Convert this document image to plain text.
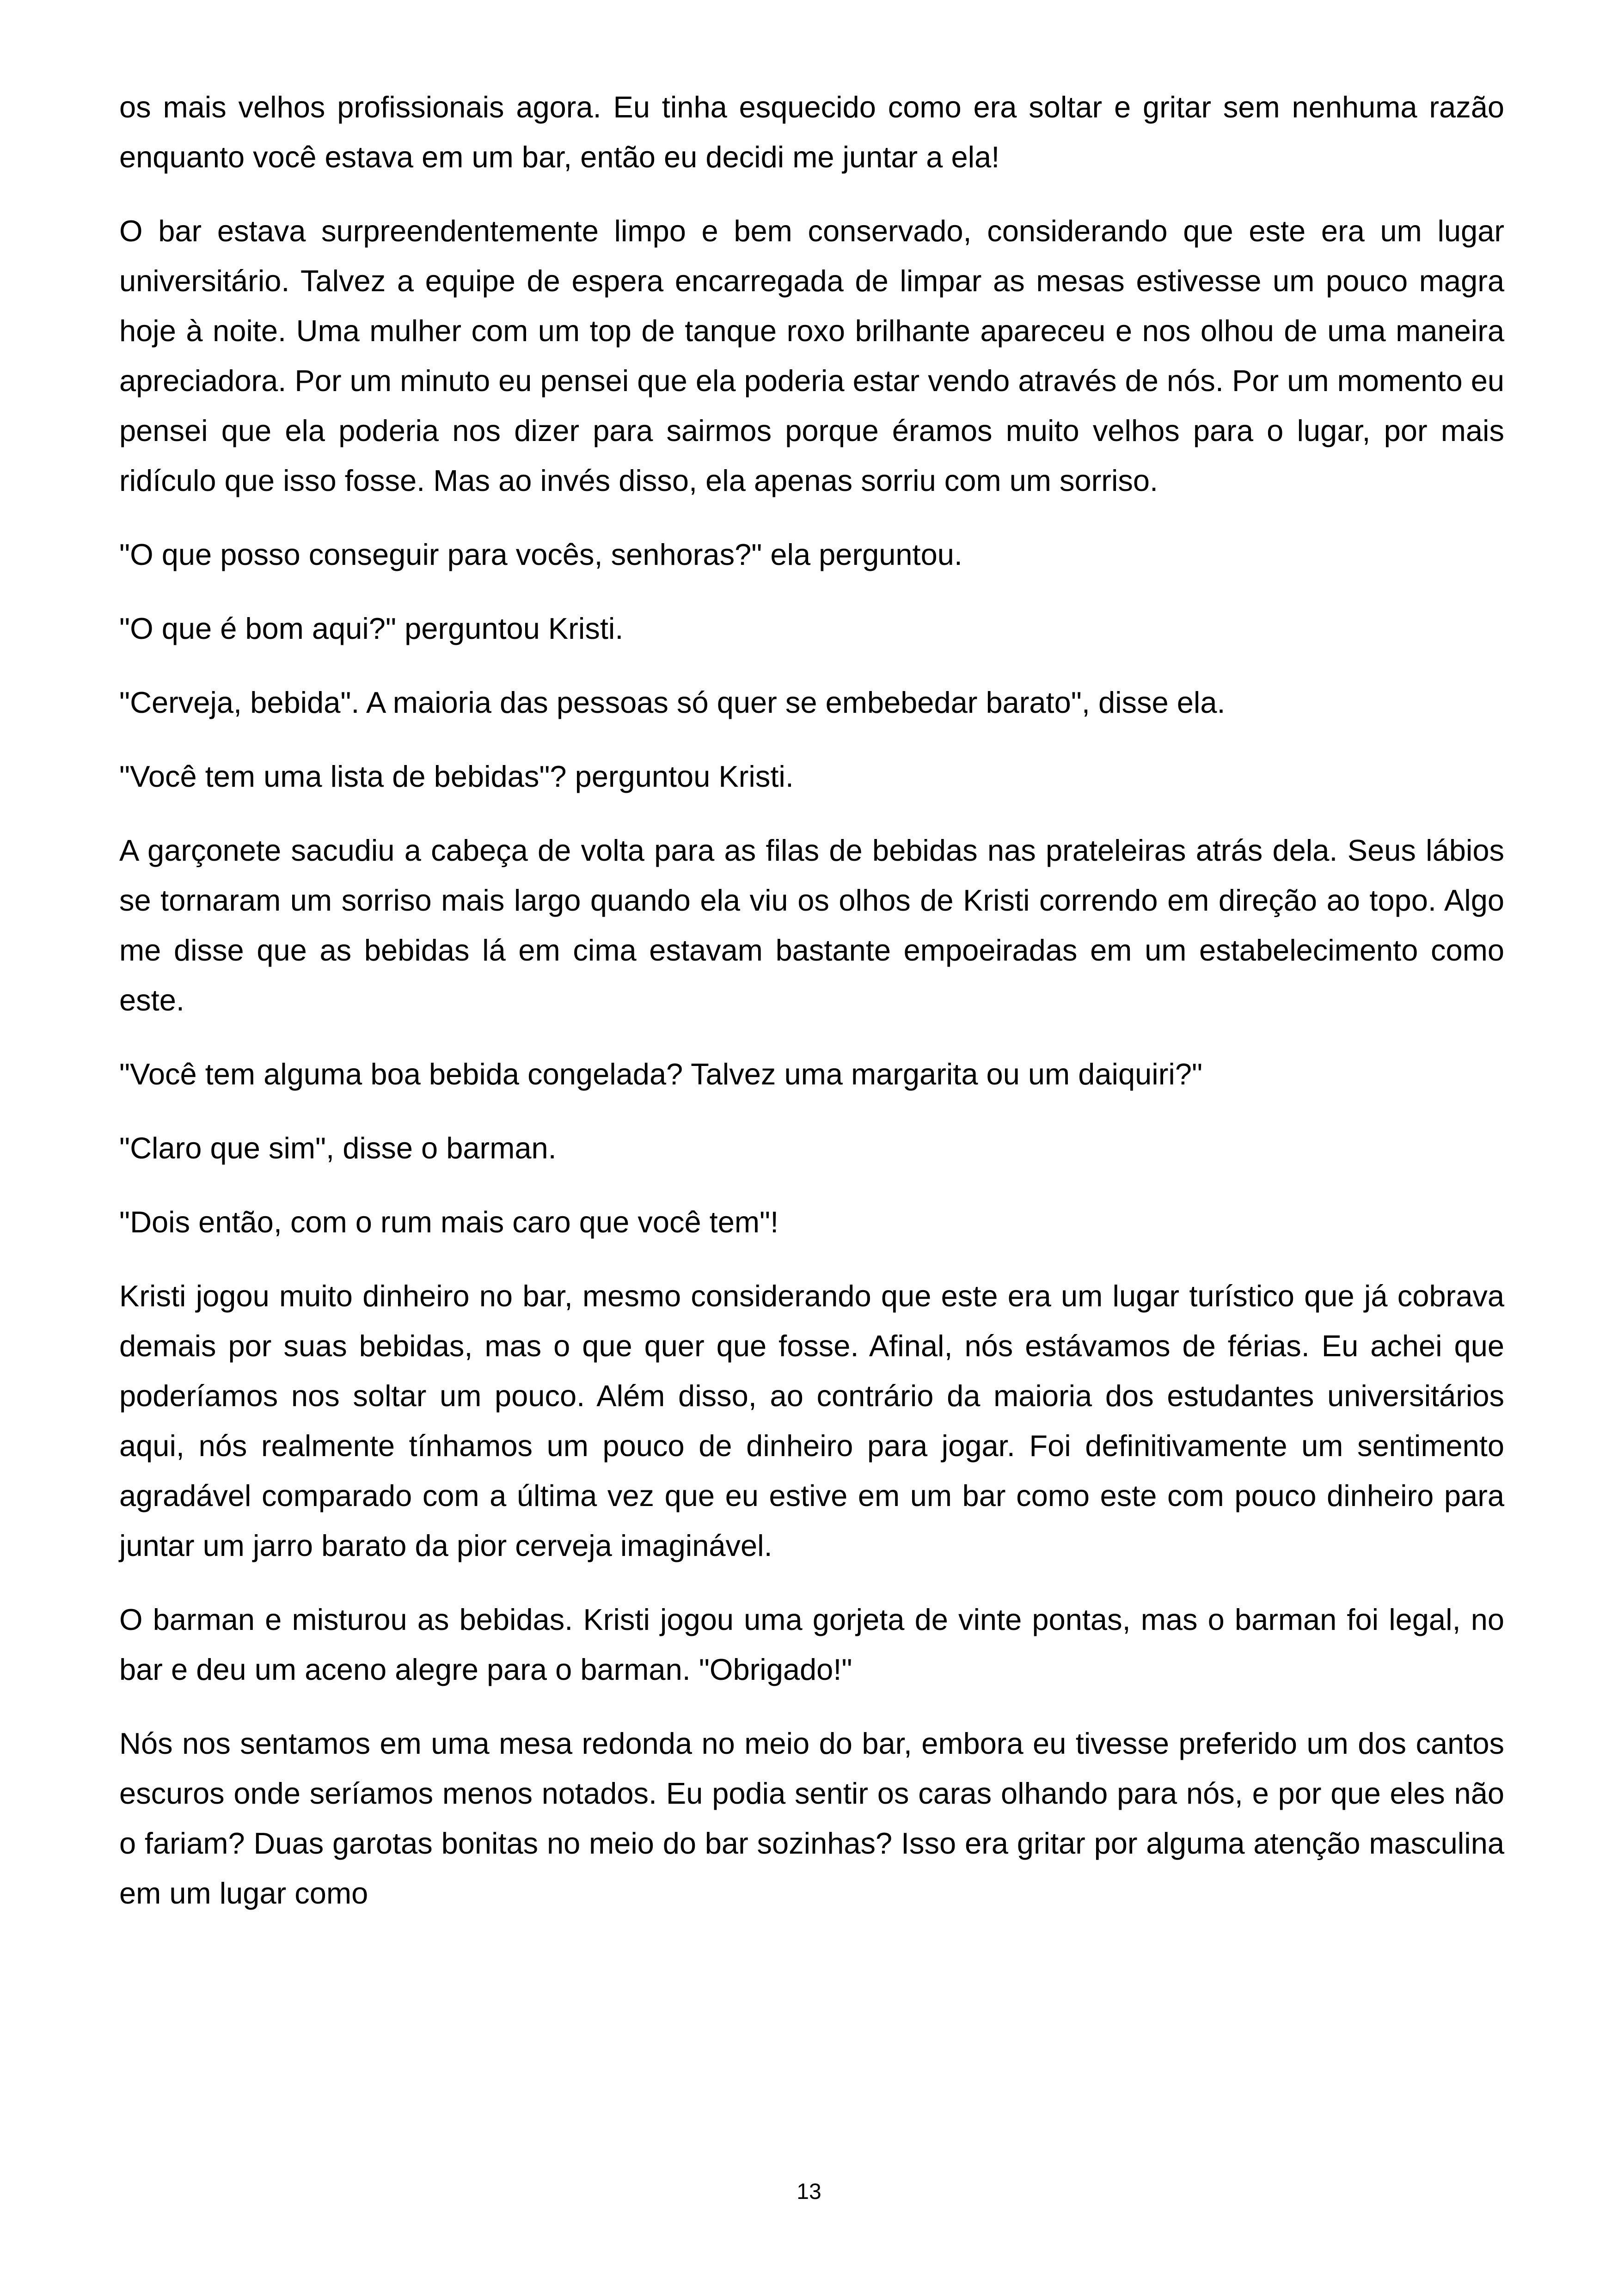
os mais velhos profissionais agora. Eu tinha esquecido como era soltar e gritar sem nenhuma razão enquanto você estava em um bar, então eu decidi me juntar a ela!

O bar estava surpreendentemente limpo e bem conservado, considerando que este era um lugar universitário. Talvez a equipe de espera encarregada de limpar as mesas estivesse um pouco magra hoje à noite. Uma mulher com um top de tanque roxo brilhante apareceu e nos olhou de uma maneira apreciadora. Por um minuto eu pensei que ela poderia estar vendo através de nós. Por um momento eu pensei que ela poderia nos dizer para sairmos porque éramos muito velhos para o lugar, por mais ridículo que isso fosse. Mas ao invés disso, ela apenas sorriu com um sorriso.

"O que posso conseguir para vocês, senhoras?" ela perguntou.

"O que é bom aqui?" perguntou Kristi.

"Cerveja, bebida". A maioria das pessoas só quer se embebedar barato", disse ela.

"Você tem uma lista de bebidas"? perguntou Kristi.

A garçonete sacudiu a cabeça de volta para as filas de bebidas nas prateleiras atrás dela. Seus lábios se tornaram um sorriso mais largo quando ela viu os olhos de Kristi correndo em direção ao topo. Algo me disse que as bebidas lá em cima estavam bastante empoeiradas em um estabelecimento como este.

"Você tem alguma boa bebida congelada? Talvez uma margarita ou um daiquiri?"

"Claro que sim", disse o barman.

"Dois então, com o rum mais caro que você tem"!

Kristi jogou muito dinheiro no bar, mesmo considerando que este era um lugar turístico que já cobrava demais por suas bebidas, mas o que quer que fosse. Afinal, nós estávamos de férias. Eu achei que poderíamos nos soltar um pouco. Além disso, ao contrário da maioria dos estudantes universitários aqui, nós realmente tínhamos um pouco de dinheiro para jogar. Foi definitivamente um sentimento agradável comparado com a última vez que eu estive em um bar como este com pouco dinheiro para juntar um jarro barato da pior cerveja imaginável.

O barman e misturou as bebidas. Kristi jogou uma gorjeta de vinte pontas, mas o barman foi legal, no bar e deu um aceno alegre para o barman. "Obrigado!"

Nós nos sentamos em uma mesa redonda no meio do bar, embora eu tivesse preferido um dos cantos escuros onde seríamos menos notados. Eu podia sentir os caras olhando para nós, e por que eles não o fariam? Duas garotas bonitas no meio do bar sozinhas? Isso era gritar por alguma atenção masculina em um lugar como

13
